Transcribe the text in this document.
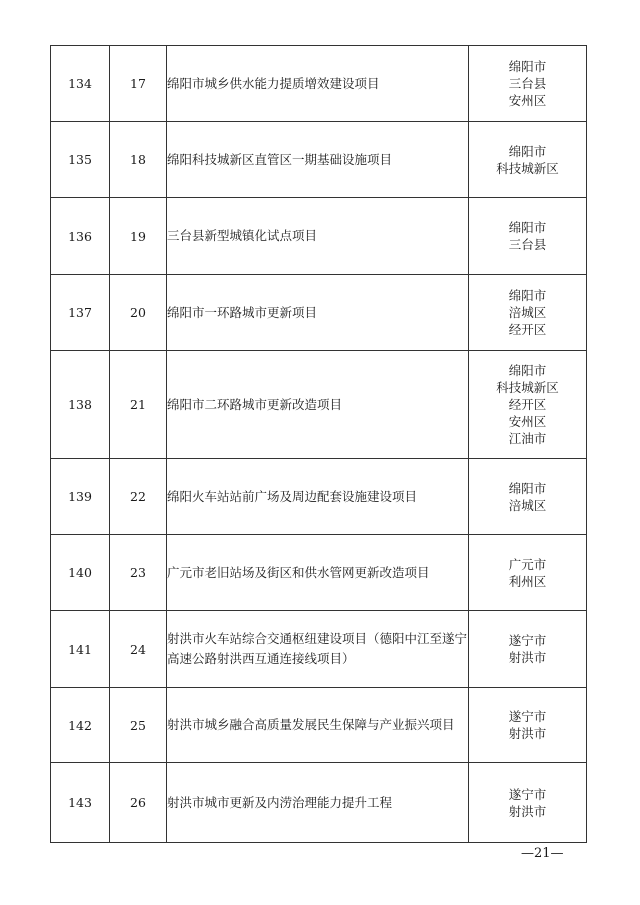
134	17	绵阳市城乡供水能力提质增效建设项目	绵阳市
三台县
安州区

135	18	绵阳科技城新区直管区一期基础设施项目	绵阳市
科技城新区

136	19	三台县新型城镇化试点项目	绵阳市
三台县

137	20	绵阳市一环路城市更新项目	绵阳市
涪城区
经开区

138	21	绵阳市二环路城市更新改造项目	绵阳市
科技城新区
经开区
安州区
江油市

139	22	绵阳火车站站前广场及周边配套设施建设项目	绵阳市
涪城区

140	23	广元市老旧站场及街区和供水管网更新改造项目	广元市
利州区

141	24	射洪市火车站综合交通枢纽建设项目（德阳中江至遂宁高速公路射洪西互通连接线项目）	遂宁市
射洪市

142	25	射洪市城乡融合高质量发展民生保障与产业振兴项目	遂宁市
射洪市

143	26	射洪市城市更新及内涝治理能力提升工程	遂宁市
射洪市
—21—
